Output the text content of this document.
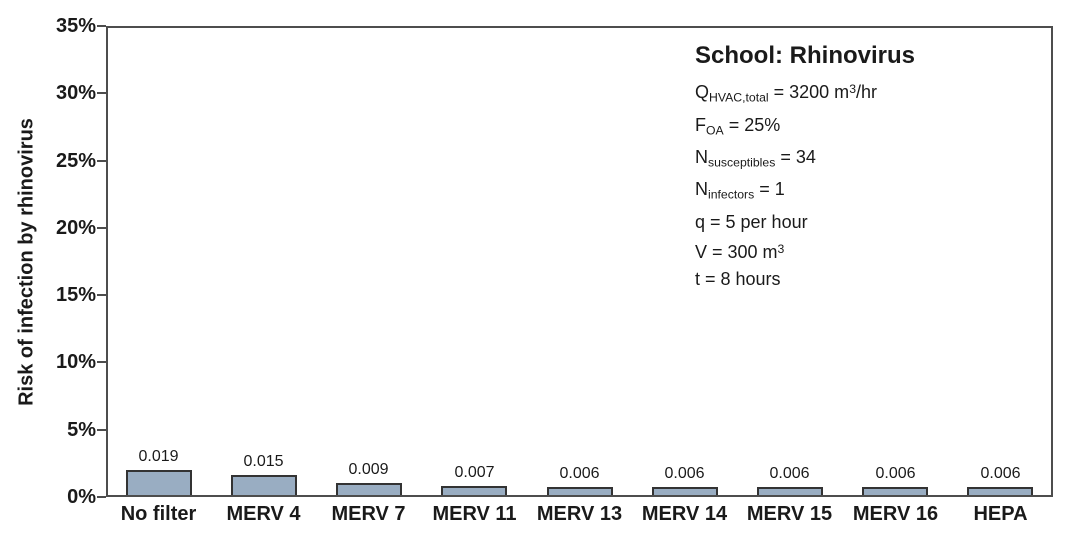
Risk of infection by rhinovirus
0%
5%
10%
15%
20%
25%
30%
35%
No filter	MERV 4	MERV 7	MERV 11	MERV 13 MERV 14 MERV 15	MERV 16	HEPA
0.019	0.015	0.009	0.007	0.006	0.006	0.006	0.006	0.006
School: Rhinovirus
$Q_{HVAC,total} = 3200$ $m^3/hr$
$F_{OA} = 25\%$
$N_{susceptibles} = 34$
$N_{infectors} = 1$
q = 5 per hour
V = 300 $m^3$
t = 8 hours
